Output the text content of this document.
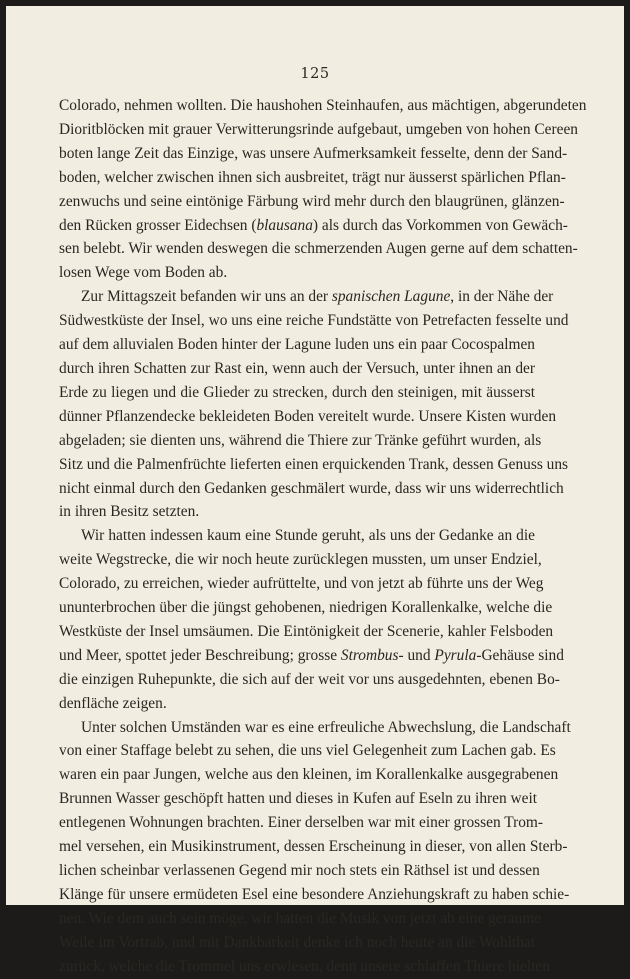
125

Colorado, nehmen wollten. Die haushohen Steinhaufen, aus mächtigen, abgerundeten
Dioritblöcken mit grauer Verwitterungsrinde aufgebaut, umgeben von hohen Cereen
boten lange Zeit das Einzige, was unsere Aufmerksamkeit fesselte, denn der Sand-
boden, welcher zwischen ihnen sich ausbreitet, trägt nur äusserst spärlichen Pflan-
zenwuchs und seine eintönige Färbung wird mehr durch den blaugrünen, glänzen-
den Rücken grosser Eidechsen (blausana) als durch das Vorkommen von Gewäch-
sen belebt. Wir wenden deswegen die schmerzenden Augen gerne auf dem schatten-
losen Wege vom Boden ab.

Zur Mittagszeit befanden wir uns an der spanischen Lagune, in der Nähe der
Südwestküste der Insel, wo uns eine reiche Fundstätte von Petrefacten fesselte und
auf dem alluvialen Boden hinter der Lagune luden uns ein paar Cocospalmen
durch ihren Schatten zur Rast ein, wenn auch der Versuch, unter ihnen an der
Erde zu liegen und die Glieder zu strecken, durch den steinigen, mit äusserst
dünner Pflanzendecke bekleideten Boden vereitelt wurde. Unsere Kisten wurden
abgeladen; sie dienten uns, während die Thiere zur Tränke geführt wurden, als
Sitz und die Palmenfrüchte lieferten einen erquickenden Trank, dessen Genuss uns
nicht einmal durch den Gedanken geschmälert wurde, dass wir uns widerrechtlich
in ihren Besitz setzten.

Wir hatten indessen kaum eine Stunde geruht, als uns der Gedanke an die
weite Wegstrecke, die wir noch heute zurücklegen mussten, um unser Endziel,
Colorado, zu erreichen, wieder aufrüttelte, und von jetzt ab führte uns der Weg
ununterbrochen über die jüngst gehobenen, niedrigen Korallenkalke, welche die
Westküste der Insel umsäumen. Die Eintönigkeit der Scenerie, kahler Felsboden
und Meer, spottet jeder Beschreibung; grosse Strombus- und Pyrula-Gehäuse sind
die einzigen Ruhepunkte, die sich auf der weit vor uns ausgedehnten, ebenen Bo-
denfläche zeigen.

Unter solchen Umständen war es eine erfreuliche Abwechslung, die Landschaft
von einer Staffage belebt zu sehen, die uns viel Gelegenheit zum Lachen gab. Es
waren ein paar Jungen, welche aus den kleinen, im Korallenkalke ausgegrabenen
Brunnen Wasser geschöpft hatten und dieses in Kufen auf Eseln zu ihren weit
entlegenen Wohnungen brachten. Einer derselben war mit einer grossen Trom-
mel versehen, ein Musikinstrument, dessen Erscheinung in dieser, von allen Sterb-
lichen scheinbar verlassenen Gegend mir noch stets ein Räthsel ist und dessen
Klänge für unsere ermüdeten Esel eine besondere Anziehungskraft zu haben schie-
nen. Wie dem auch sein möge, wir hatten die Musik von jetzt ab eine geraume
Weile im Vortrab, und mit Dankbarkeit denke ich noch heute an die Wohlthat
zurück, welche die Trommel uns erwiesen, denn unsere schlaffen Thiere hielten
